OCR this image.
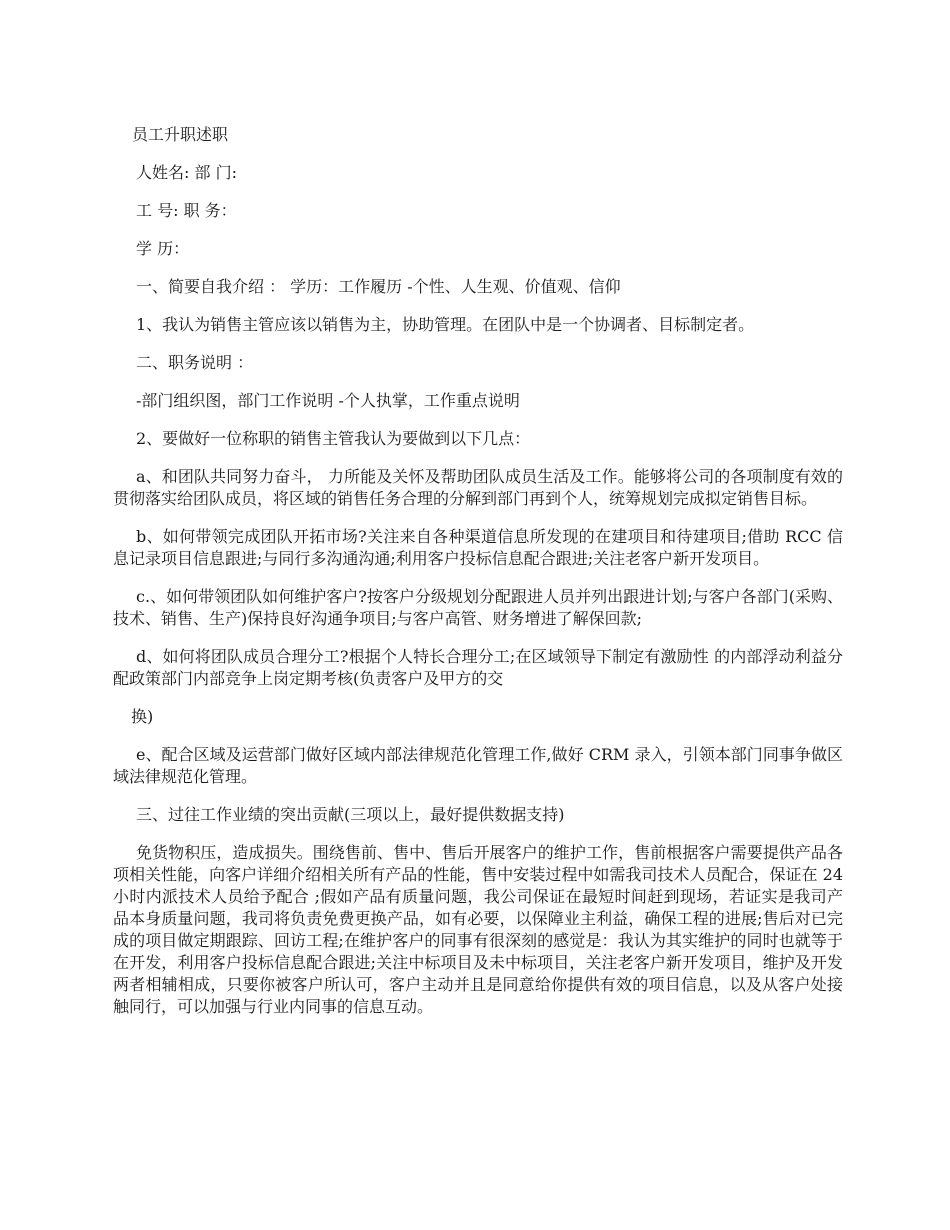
员工升职述职

人姓名: 部 门:

工 号: 职 务：

学 历：

一、简要自我介绍 ： 学历：工作履历 -个性、人生观、价值观、信仰

1、我认为销售主管应该以销售为主，协助管理。在团队中是一个协调者、目标制定者。

二、职务说明 ：

-部门组织图，部门工作说明 -个人执掌，工作重点说明

2、要做好一位称职的销售主管我认为要做到以下几点：

a、和团队共同努力奋斗， 力所能及关怀及帮助团队成员生活及工作。能够将公司的各项制度有效的贯彻落实给团队成员，将区域的销售任务合理的分解到部门再到个人，统筹规划完成拟定销售目标。

b、如何带领完成团队开拓市场?关注来自各种渠道信息所发现的在建项目和待建项目;借助 RCC 信息记录项目信息跟进;与同行多沟通沟通;利用客户投标信息配合跟进;关注老客户新开发项目。

c.、如何带领团队如何维护客户?按客户分级规划分配跟进人员并列出跟进计划;与客户各部门(采购、技术、销售、生产)保持良好沟通争项目;与客户高管、财务增进了解保回款;

d、如何将团队成员合理分工?根据个人特长合理分工;在区域领导下制定有激励性 的内部浮动利益分配政策部门内部竞争上岗定期考核(负责客户及甲方的交

换)

e、配合区域及运营部门做好区域内部法律规范化管理工作,做好 CRM 录入，引领本部门同事争做区域法律规范化管理。

三、过往工作业绩的突出贡献(三项以上，最好提供数据支持)

免货物积压，造成损失。围绕售前、售中、售后开展客户的维护工作，售前根据客户需要提供产品各项相关性能，向客户详细介绍相关所有产品的性能，售中安装过程中如需我司技术人员配合，保证在 24 小时内派技术人员给予配合 ;假如产品有质量问题，我公司保证在最短时间赶到现场，若证实是我司产品本身质量问题，我司将负责免费更换产品，如有必要，以保障业主利益，确保工程的进展;售后对已完成的项目做定期跟踪、回访工程;在维护客户的同事有很深刻的感觉是：我认为其实维护的同时也就等于在开发，利用客户投标信息配合跟进;关注中标项目及未中标项目，关注老客户新开发项目，维护及开发两者相辅相成，只要你被客户所认可，客户主动并且是同意给你提供有效的项目信息，以及从客户处接触同行，可以加强与行业内同事的信息互动。
